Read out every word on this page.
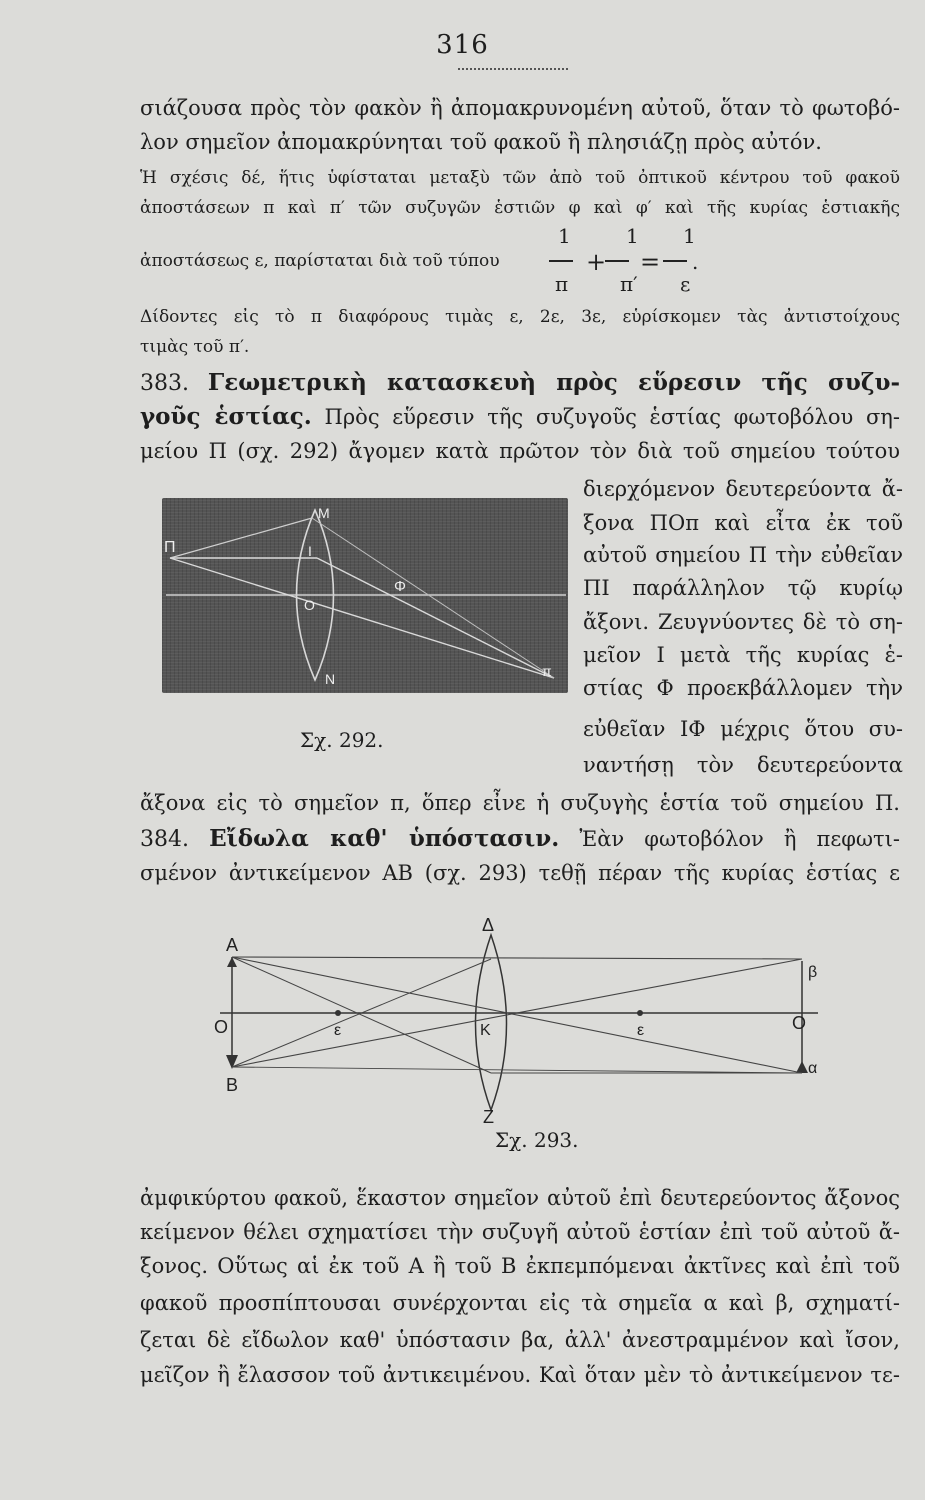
316
σιάζουσα πρὸς τὸν φακὸν ἢ ἀπομακρυνομένη αὐτοῦ, ὅταν τὸ φωτοβό-
λον σημεῖον ἀπομακρύνηται τοῦ φακοῦ ἢ πλησιάζῃ πρὸς αὐτόν.
Ἡ σχέσις δέ, ἥτις ὑφίσταται μεταξὺ τῶν ἀπὸ τοῦ ὀπτικοῦ κέντρου τοῦ φακοῦ
ἀποστάσεων π καὶ π′ τῶν συζυγῶν ἑστιῶν φ καὶ φ′ καὶ τῆς κυρίας ἑστιακῆς
ἀποστάσεως ε, παρίσταται διὰ τοῦ τύπου
1	1 1
+ = .
π	π′ ε
Δίδοντες εἰς τὸ π διαφόρους τιμὰς ε, 2ε, 3ε, εὑρίσκομεν τὰς ἀντιστοίχους
τιμὰς τοῦ π′.
383. Γεωμετρικὴ κατασκευὴ πρὸς εὕρεσιν τῆς συζυ-
γοῦς ἑστίας. Πρὸς εὕρεσιν τῆς συζυγοῦς ἑστίας φωτοβόλου ση-
μείου Π (σχ. 292) ἄγομεν κατὰ πρῶτον τὸν διὰ τοῦ σημείου τούτου
διερχόμενον δευτερεύοντα ἄ-
ξονα ΠΟπ καὶ εἶτα ἐκ τοῦ
αὐτοῦ σημείου Π τὴν εὐθεῖαν
ΠΙ παράλληλον τῷ κυρίῳ
ἄξονι. Ζευγνύοντες δὲ τὸ ση-
μεῖον Ι μετὰ τῆς κυρίας ἑ-
στίας Φ προεκβάλλομεν τὴν
εὐθεῖαν ΙΦ μέχρις ὅτου συ-
ναντήσῃ τὸν δευτερεύοντα
Π
M
I
O
Φ
N	π
Σχ. 292.
ἄξονα εἰς τὸ σημεῖον π, ὅπερ εἶνε ἡ συζυγὴς ἑστία τοῦ σημείου Π.
384. Εἴδωλα καθ' ὑπόστασιν. Ἐὰν φωτοβόλον ἢ πεφωτι-
σμένον ἀντικείμενον ΑΒ (σχ. 293) τεθῇ πέραν τῆς κυρίας ἑστίας ε
A
O
B
ε
Δ
K
Z
ε	O
α
β
Σχ. 293.
ἀμφικύρτου φακοῦ, ἕκαστον σημεῖον αὐτοῦ ἐπὶ δευτερεύοντος ἄξονος
κείμενον θέλει σχηματίσει τὴν συζυγῆ αὐτοῦ ἑστίαν ἐπὶ τοῦ αὐτοῦ ἄ-
ξονος. Οὕτως αἱ ἐκ τοῦ Α ἢ τοῦ Β ἐκπεμπόμεναι ἀκτῖνες καὶ ἐπὶ τοῦ
φακοῦ προσπίπτουσαι συνέρχονται εἰς τὰ σημεῖα α καὶ β, σχηματί-
ζεται δὲ εἴδωλον καθ' ὑπόστασιν βα, ἀλλ' ἀνεστραμμένον καὶ ἴσον,
μεῖζον ἢ ἔλασσον τοῦ ἀντικειμένου. Καὶ ὅταν μὲν τὸ ἀντικείμενον τε-
